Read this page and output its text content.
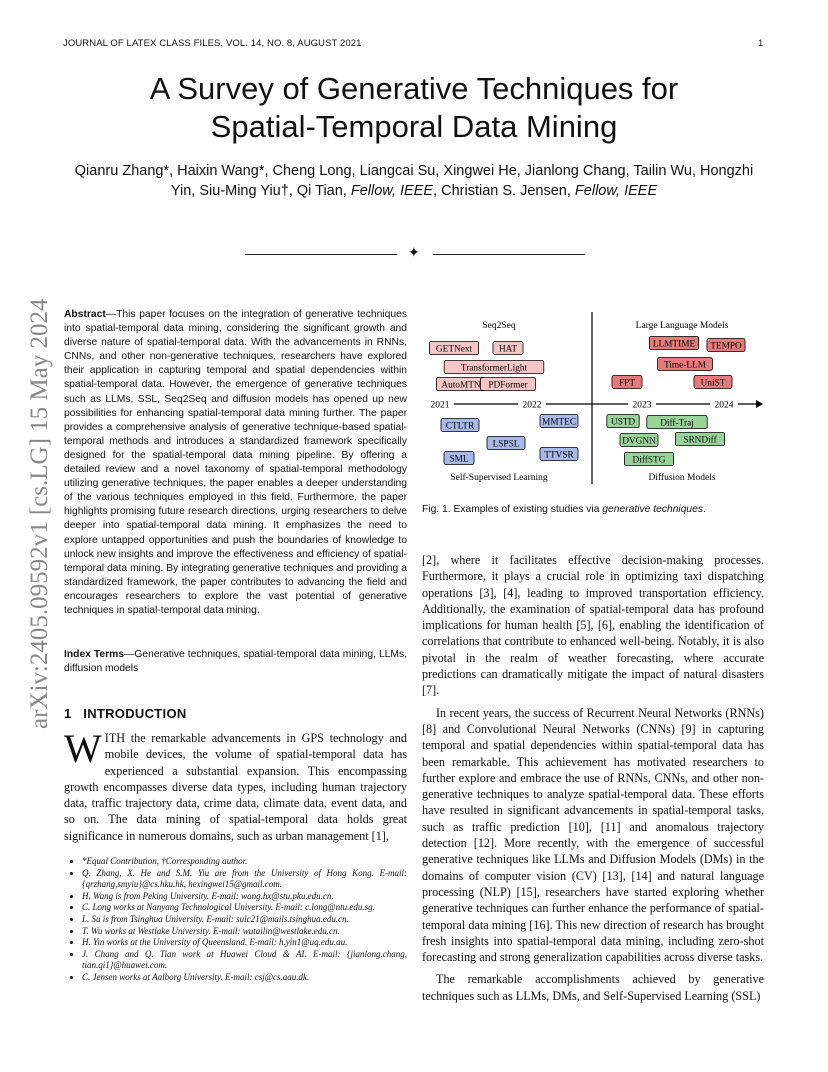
JOURNAL OF LATEX CLASS FILES, VOL. 14, NO. 8, AUGUST 2021	1
A Survey of Generative Techniques for
Spatial-Temporal Data Mining
Qianru Zhang*, Haixin Wang*, Cheng Long, Liangcai Su, Xingwei He, Jianlong Chang, Tailin Wu, Hongzhi
Yin, Siu-Ming Yiu†, Qi Tian, Fellow, IEEE, Christian S. Jensen, Fellow, IEEE
✦
arXiv:2405.09592v1 [cs.LG] 15 May 2024 Abstract—This paper focuses on the integration of generative techniques into spatial-temporal data mining, considering the significant growth and diverse nature of spatial-temporal data. With the advancements in RNNs, CNNs, and other non-generative techniques, researchers have explored their application in capturing temporal and spatial dependencies within spatial-temporal data. However, the emergence of generative techniques such as LLMs, SSL, Seq2Seq and diffusion models has opened up new possibilities for enhancing spatial-temporal data mining further. The paper provides a comprehensive analysis of generative technique-based spatial-temporal methods and introduces a standardized framework specifically designed for the spatial-temporal data mining pipeline. By offering a detailed review and a novel taxonomy of spatial-temporal methodology utilizing generative techniques, the paper enables a deeper understanding of the various techniques employed in this field. Furthermore, the paper highlights promising future research directions, urging researchers to delve deeper into spatial-temporal data mining. It emphasizes the need to explore untapped opportunities and push the boundaries of knowledge to unlock new insights and improve the effectiveness and efficiency of spatial-temporal data mining. By integrating generative techniques and providing a standardized framework, the paper contributes to advancing the field and encourages researchers to explore the vast potential of generative techniques in spatial-temporal data mining.
Index Terms—Generative techniques, spatial-temporal data mining, LLMs, diffusion models
1 INTRODUCTION
WITH the remarkable advancements in GPS technology and mobile devices, the volume of spatial-temporal data has experienced a substantial expansion. This encompassing growth encompasses diverse data types, including human trajectory data, traffic trajectory data, crime data, climate data, event data, and so on. The data mining of spatial-temporal data holds great significance in numerous domains, such as urban management [1],
• *Equal Contribution, †Corresponding author.
• Q. Zhang, X. He and S.M. Yiu are from the University of Hong Kong. E-mail: {qrzhang,smyiu}@cs.hku.hk, hexingwei15@gmail.com.
• H. Wang is from Peking University. E-mail: wang.hx@stu.pku.edu.cn.
• C. Long works at Nanyang Technological University. E-mail: c.long@ntu.edu.sg.
• L. Su is from Tsinghua University. E-mail: sulc21@mails.tsinghua.edu.cn.
• T. Wu works at Westlake University. E-mail: wutailin@westlake.edu.cn.
• H. Yin works at the University of Queensland. E-mail: h.yin1@uq.edu.au.
• J. Chang and Q. Tian work at Huawei Cloud & AI. E-mail: {jianlong.chang, tian.qi1}@huawei.com.
• C. Jensen works at Aalborg University. E-mail: csj@cs.aau.dk.
Seq2Seq	Large Language Models
Self-Supervised Learning	Diffusion Models
2021	2022	2023	2024
GETNext	HAT
TransformerLight
AutoMTN PDFormer
LLMTIME TEMPO
Time-LLM
FPT	UniST
CTLTR	MMTEC
LSPSL
SML	TTVSR
USTD	Diff-Traj
DVGNN	SRNDiff
DiffSTG
Fig. 1. Examples of existing studies via generative techniques.

[2], where it facilitates effective decision-making processes. Furthermore, it plays a crucial role in optimizing taxi dispatching operations [3], [4], leading to improved transportation efficiency. Additionally, the examination of spatial-temporal data has profound implications for human health [5], [6], enabling the identification of correlations that contribute to enhanced well-being. Notably, it is also pivotal in the realm of weather forecasting, where accurate predictions can dramatically mitigate the impact of natural disasters [7].

In recent years, the success of Recurrent Neural Networks (RNNs) [8] and Convolutional Neural Networks (CNNs) [9] in capturing temporal and spatial dependencies within spatial-temporal data has been remarkable. This achievement has motivated researchers to further explore and embrace the use of RNNs, CNNs, and other non-generative techniques to analyze spatial-temporal data. These efforts have resulted in significant advancements in spatial-temporal tasks, such as traffic prediction [10], [11] and anomalous trajectory detection [12]. More recently, with the emergence of successful generative techniques like LLMs and Diffusion Models (DMs) in the domains of computer vision (CV) [13], [14] and natural language processing (NLP) [15], researchers have started exploring whether generative techniques can further enhance the performance of spatial-temporal data mining [16]. This new direction of research has brought fresh insights into spatial-temporal data mining, including zero-shot forecasting and strong generalization capabilities across diverse tasks.

The remarkable accomplishments achieved by generative techniques such as LLMs, DMs, and Self-Supervised Learning (SSL)
